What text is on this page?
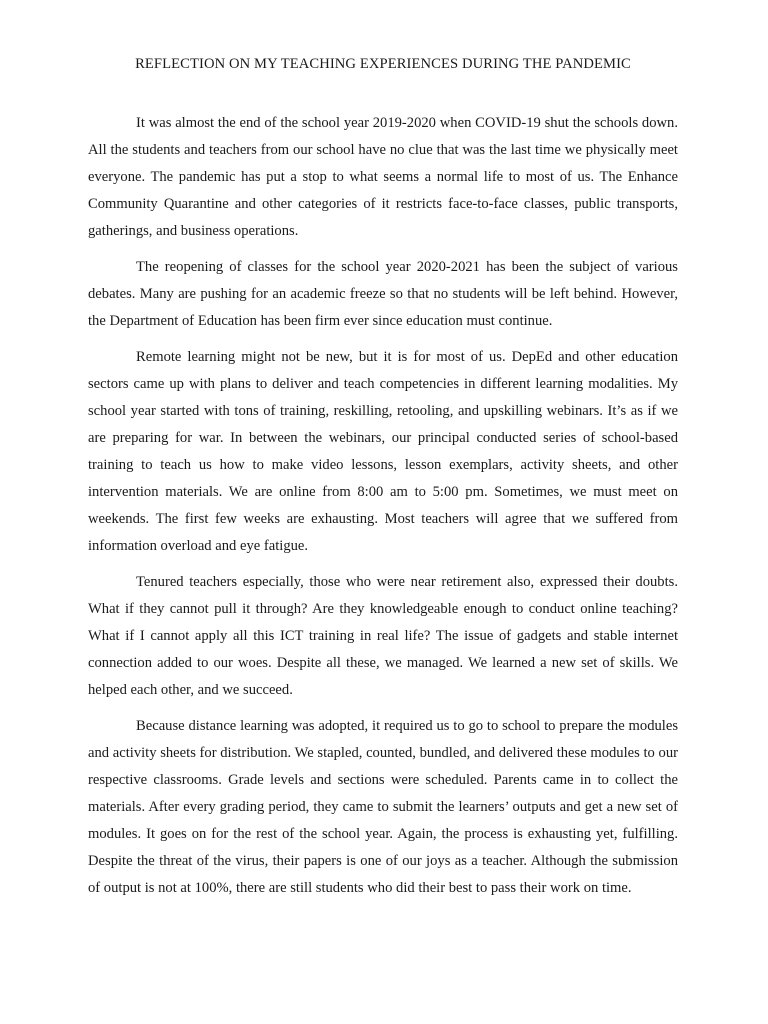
REFLECTION ON MY TEACHING EXPERIENCES DURING THE PANDEMIC

It was almost the end of the school year 2019-2020 when COVID-19 shut the schools down. All the students and teachers from our school have no clue that was the last time we physically meet everyone. The pandemic has put a stop to what seems a normal life to most of us. The Enhance Community Quarantine and other categories of it restricts face-to-face classes, public transports, gatherings, and business operations.

The reopening of classes for the school year 2020-2021 has been the subject of various debates. Many are pushing for an academic freeze so that no students will be left behind. However, the Department of Education has been firm ever since education must continue.

Remote learning might not be new, but it is for most of us. DepEd and other education sectors came up with plans to deliver and teach competencies in different learning modalities. My school year started with tons of training, reskilling, retooling, and upskilling webinars. It’s as if we are preparing for war. In between the webinars, our principal conducted series of school-based training to teach us how to make video lessons, lesson exemplars, activity sheets, and other intervention materials. We are online from 8:00 am to 5:00 pm. Sometimes, we must meet on weekends. The first few weeks are exhausting. Most teachers will agree that we suffered from information overload and eye fatigue.

Tenured teachers especially, those who were near retirement also, expressed their doubts. What if they cannot pull it through? Are they knowledgeable enough to conduct online teaching? What if I cannot apply all this ICT training in real life? The issue of gadgets and stable internet connection added to our woes. Despite all these, we managed. We learned a new set of skills. We helped each other, and we succeed.

Because distance learning was adopted, it required us to go to school to prepare the modules and activity sheets for distribution. We stapled, counted, bundled, and delivered these modules to our respective classrooms. Grade levels and sections were scheduled. Parents came in to collect the materials. After every grading period, they came to submit the learners’ outputs and get a new set of modules. It goes on for the rest of the school year. Again, the process is exhausting yet, fulfilling. Despite the threat of the virus, their papers is one of our joys as a teacher. Although the submission of output is not at 100%, there are still students who did their best to pass their work on time.
